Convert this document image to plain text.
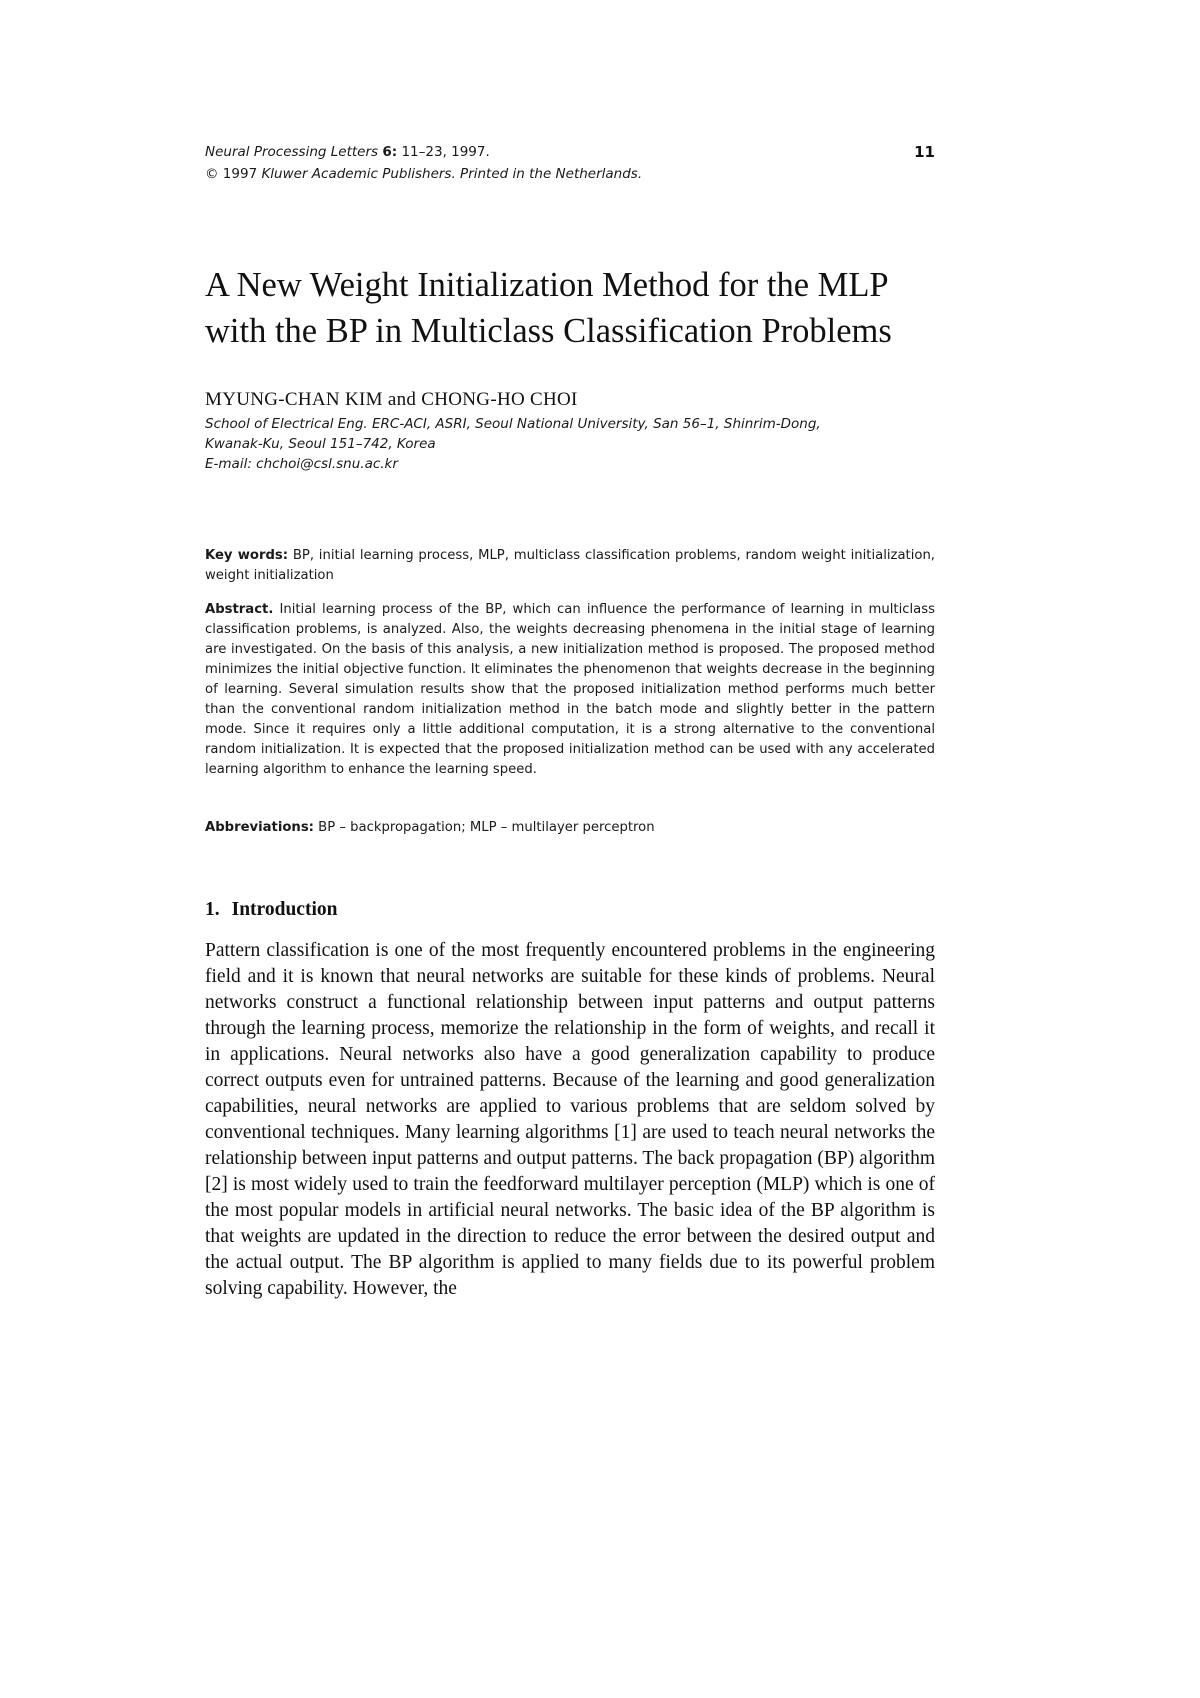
Neural Processing Letters 6: 11–23, 1997.
© 1997 Kluwer Academic Publishers. Printed in the Netherlands.
11
A New Weight Initialization Method for the MLP
with the BP in Multiclass Classification Problems
MYUNG-CHAN KIM and CHONG-HO CHOI
School of Electrical Eng. ERC-ACI, ASRI, Seoul National University, San 56–1, Shinrim-Dong,
Kwanak-Ku, Seoul 151–742, Korea
E-mail: chchoi@csl.snu.ac.kr

Key words: BP, initial learning process, MLP, multiclass classification problems, random weight initialization, weight initialization

Abstract. Initial learning process of the BP, which can influence the performance of learning in multiclass classification problems, is analyzed. Also, the weights decreasing phenomena in the initial stage of learning are investigated. On the basis of this analysis, a new initialization method is proposed. The proposed method minimizes the initial objective function. It eliminates the phenomenon that weights decrease in the beginning of learning. Several simulation results show that the proposed initialization method performs much better than the conventional random initialization method in the batch mode and slightly better in the pattern mode. Since it requires only a little additional computation, it is a strong alternative to the conventional random initialization. It is expected that the proposed initialization method can be used with any accelerated learning algorithm to enhance the learning speed.

Abbreviations: BP – backpropagation; MLP – multilayer perceptron

1. Introduction

Pattern classification is one of the most frequently encountered problems in the engineering field and it is known that neural networks are suitable for these kinds of problems. Neural networks construct a functional relationship between input patterns and output patterns through the learning process, memorize the relationship in the form of weights, and recall it in applications. Neural networks also have a good generalization capability to produce correct outputs even for untrained patterns. Because of the learning and good generalization capabilities, neural networks are applied to various problems that are seldom solved by conventional techniques. Many learning algorithms [1] are used to teach neural networks the relationship between input patterns and output patterns. The back propagation (BP) algorithm [2] is most widely used to train the feedforward multilayer perception (MLP) which is one of the most popular models in artificial neural networks. The basic idea of the BP algorithm is that weights are updated in the direction to reduce the error between the desired output and the actual output. The BP algorithm is applied to many fields due to its powerful problem solving capability. However, the
